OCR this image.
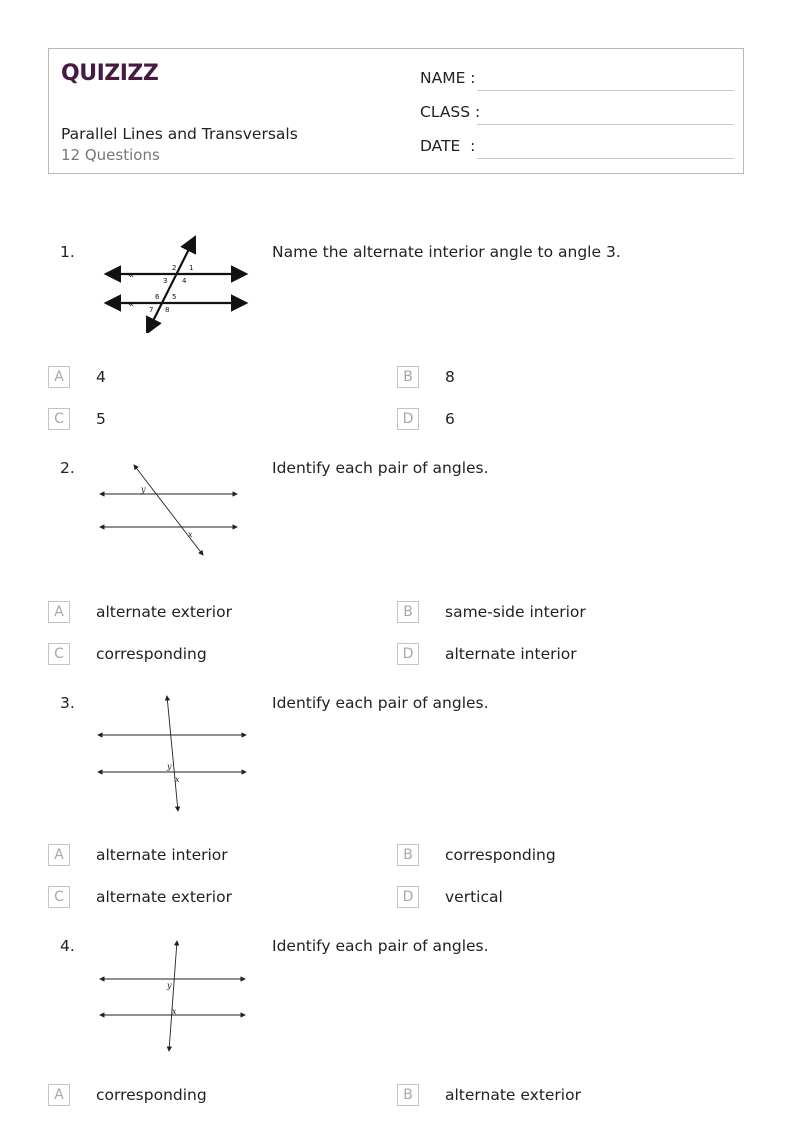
QUIZIZZ
Parallel Lines and Transversals
12 Questions
NAME :
CLASS :
DATE  :
1.
«
«
2 1
3 4
6 5
7 8
Name the alternate interior angle to angle 3.
A	4	B	8
C	5	D	6
2.
y
x
Identify each pair of angles.
A	alternate exterior	B	same-side interior
C	corresponding	D	alternate interior
3.
y
x
Identify each pair of angles.
A	alternate interior	B	corresponding
C	alternate exterior	D	vertical
4.
y
x
Identify each pair of angles.
A	corresponding	B	alternate exterior
